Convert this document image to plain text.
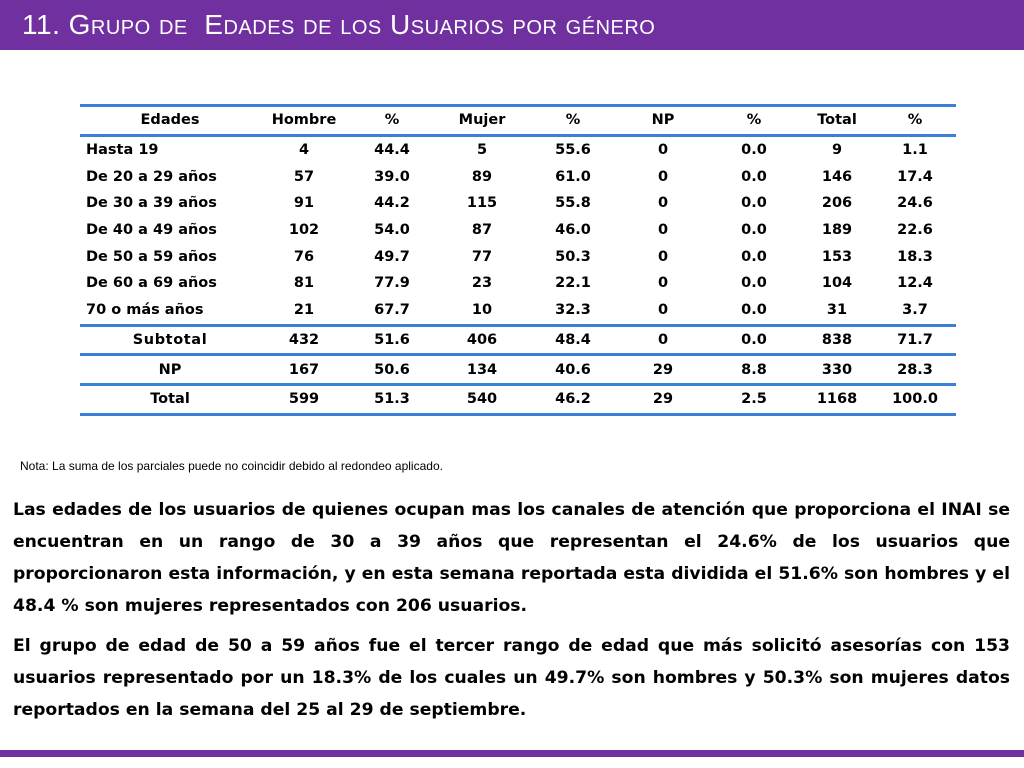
11. Grupo de  Edades de los Usuarios por género
Edades	Hombre	%	Mujer	%	NP	%	Total	%
Hasta 19	4	44.4	5	55.6	0	0.0	9	1.1
De 20 a 29 años	57	39.0	89	61.0	0	0.0	146	17.4
De 30 a 39 años	91	44.2	115	55.8	0	0.0	206	24.6
De 40 a 49 años	102	54.0	87	46.0	0	0.0	189	22.6
De 50 a 59 años	76	49.7	77	50.3	0	0.0	153	18.3
De 60 a 69 años	81	77.9	23	22.1	0	0.0	104	12.4
70 o más años	21	67.7	10	32.3	0	0.0	31	3.7
Subtotal	432	51.6	406	48.4	0	0.0	838	71.7
NP	167	50.6	134	40.6	29	8.8	330	28.3
Total	599	51.3	540	46.2	29	2.5	1168	100.0
Nota: La suma de los parciales puede no coincidir debido al redondeo aplicado.

Las edades de los usuarios de quienes ocupan mas los canales de atención que proporciona el INAI se encuentran en un rango de 30 a 39 años que representan el 24.6% de los usuarios que proporcionaron esta información, y en esta semana reportada esta dividida el 51.6% son hombres y el 48.4 % son mujeres representados con 206 usuarios.

El grupo de edad de 50 a 59 años fue el tercer rango de edad que más solicitó asesorías con 153 usuarios representado por un 18.3% de los cuales un 49.7% son hombres y 50.3% son mujeres datos reportados en la semana del 25 al 29 de septiembre.
